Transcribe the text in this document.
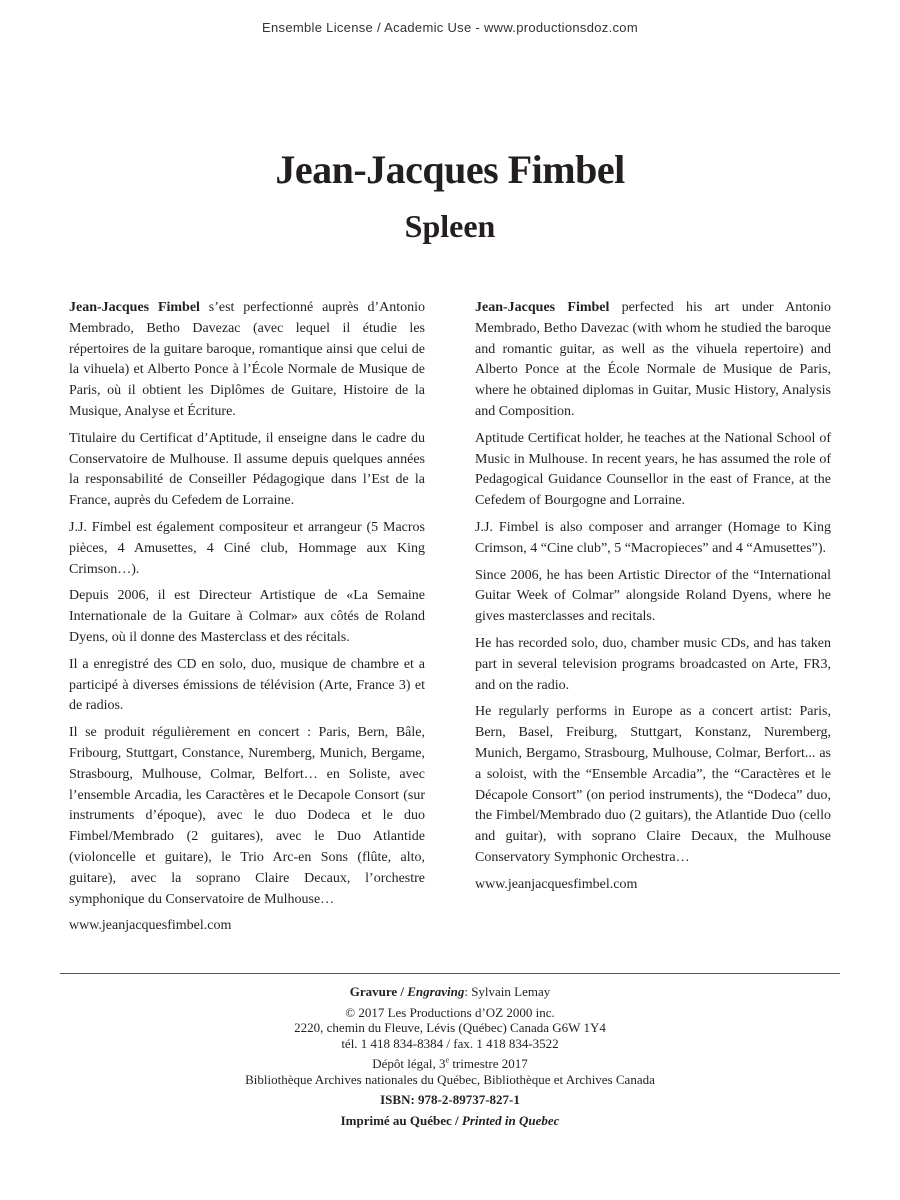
Ensemble License / Academic Use - www.productionsdoz.com
Jean-Jacques Fimbel
Spleen

Jean-Jacques Fimbel s’est perfectionné auprès d’Antonio Membrado, Betho Davezac (avec lequel il étudie les répertoires de la guitare baroque, romantique ainsi que celui de la vihuela) et Alberto Ponce à l’École Normale de Musique de Paris, où il obtient les Diplômes de Guitare, Histoire de la Musique, Analyse et Écriture.

Titulaire du Certificat d’Aptitude, il enseigne dans le cadre du Conservatoire de Mulhouse. Il assume depuis quelques années la responsabilité de Conseiller Pédagogique dans l’Est de la France, auprès du Cefedem de Lorraine.

J.J. Fimbel est également compositeur et arrangeur (5 Macros pièces, 4 Amusettes, 4 Ciné club, Hommage aux King Crimson…).

Depuis 2006, il est Directeur Artistique de «La Semaine Internationale de la Guitare à Colmar» aux côtés de Roland Dyens, où il donne des Masterclass et des récitals.

Il a enregistré des CD en solo, duo, musique de chambre et a participé à diverses émissions de télévision (Arte, France 3) et de radios.

Il se produit régulièrement en concert : Paris, Bern, Bâle, Fribourg, Stuttgart, Constance, Nuremberg, Munich, Bergame, Strasbourg, Mulhouse, Colmar, Belfort… en Soliste, avec l’ensemble Arcadia, les Caractères et le Decapole Consort (sur instruments d’époque), avec le duo Dodeca et le duo Fimbel/Membrado (2 guitares), avec le Duo Atlantide (violoncelle et guitare), le Trio Arc-en Sons (flûte, alto, guitare), avec la soprano Claire Decaux, l’orchestre symphonique du Conservatoire de Mulhouse…

www.jeanjacquesfimbel.com

Jean-Jacques Fimbel perfected his art under Antonio Membrado, Betho Davezac (with whom he studied the baroque and romantic guitar, as well as the vihuela repertoire) and Alberto Ponce at the École Normale de Musique de Paris, where he obtained diplomas in Guitar, Music History, Analysis and Composition.

Aptitude Certificat holder, he teaches at the National School of Music in Mulhouse. In recent years, he has assumed the role of Pedagogical Guidance Counsellor in the east of France, at the Cefedem of Bourgogne and Lorraine.

J.J. Fimbel is also composer and arranger (Homage to King Crimson, 4 “Cine club”, 5 “Macropieces” and 4 “Amusettes”).

Since 2006, he has been Artistic Director of the “International Guitar Week of Colmar” alongside Roland Dyens, where he gives masterclasses and recitals.

He has recorded solo, duo, chamber music CDs, and has taken part in several television programs broadcasted on Arte, FR3, and on the radio.

He regularly performs in Europe as a concert artist: Paris, Bern, Basel, Freiburg, Stuttgart, Konstanz, Nuremberg, Munich, Bergamo, Strasbourg, Mulhouse, Colmar, Berfort... as a soloist, with the “Ensemble Arcadia”, the “Caractères et le Décapole Consort” (on period instruments), the “Dodeca” duo, the Fimbel/Membrado duo (2 guitars), the Atlantide Duo (cello and guitar), with soprano Claire Decaux, the Mulhouse Conservatory Symphonic Orchestra…

www.jeanjacquesfimbel.com

Gravure / Engraving: Sylvain Lemay

© 2017 Les Productions d’OZ 2000 inc.
2220, chemin du Fleuve, Lévis (Québec) Canada G6W 1Y4
tél. 1 418 834-8384 / fax. 1 418 834-3522

Dépôt légal, 3e trimestre 2017
Bibliothèque Archives nationales du Québec, Bibliothèque et Archives Canada

ISBN: 978-2-89737-827-1

Imprimé au Québec / Printed in Quebec
